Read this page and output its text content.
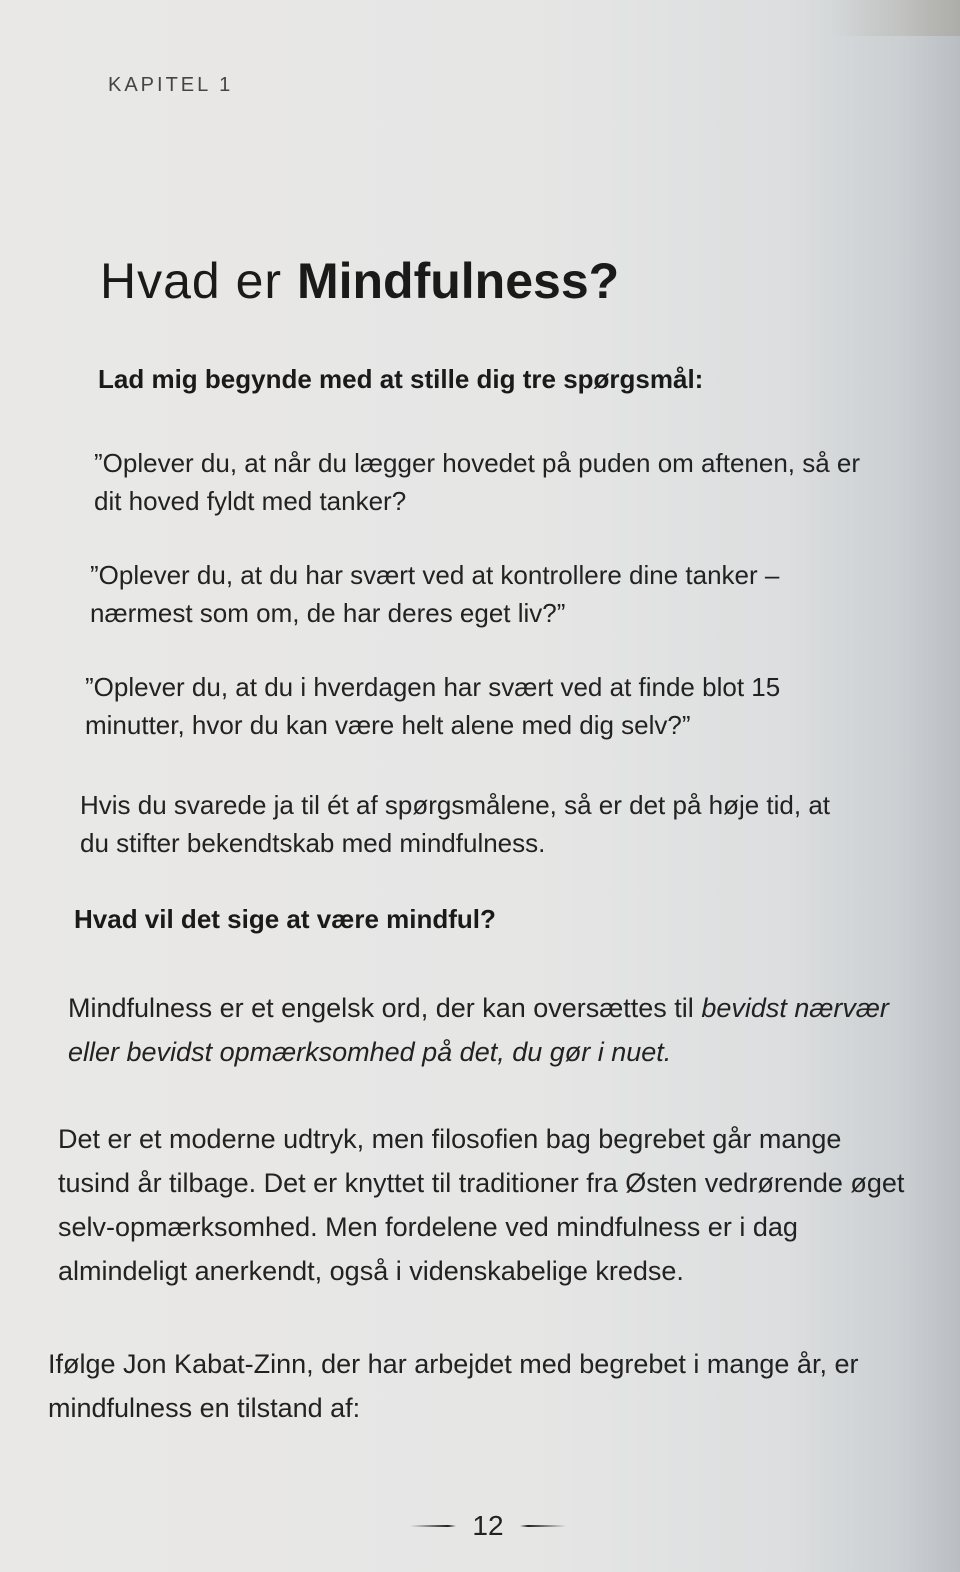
KAPITEL 1
Hvad er Mindfulness?
Lad mig begynde med at stille dig tre spørgsmål:
”Oplever du, at når du lægger hovedet på puden om aftenen, så er dit hoved fyldt med tanker?
”Oplever du, at du har svært ved at kontrollere dine tanker – nærmest som om, de har deres eget liv?”
”Oplever du, at du i hverdagen har svært ved at finde blot 15 minutter, hvor du kan være helt alene med dig selv?”
Hvis du svarede ja til ét af spørgsmålene, så er det på høje tid, at du stifter bekendtskab med mindfulness.
Hvad vil det sige at være mindful?
Mindfulness er et engelsk ord, der kan oversættes til bevidst nærvær eller bevidst opmærksomhed på det, du gør i nuet.
Det er et moderne udtryk, men filosofien bag begrebet går mange tusind år tilbage. Det er knyttet til traditioner fra Østen vedrørende øget selv-opmærksomhed. Men fordelene ved mindfulness er i dag almindeligt anerkendt, også i videnskabelige kredse.
Ifølge Jon Kabat-Zinn, der har arbejdet med begrebet i mange år, er mindfulness en tilstand af:
12
